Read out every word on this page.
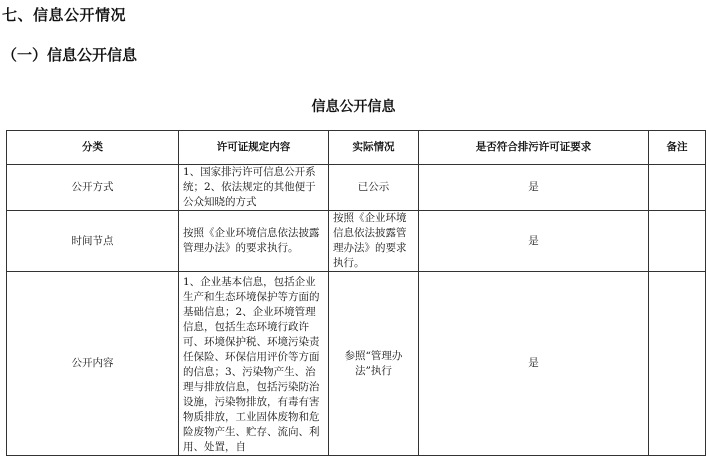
七、信息公开情况
（一）信息公开信息
信息公开信息
分类	许可证规定内容	实际情况	是否符合排污许可证要求	备注
公开方式	1、国家排污许可信息公开系统；2、依法规定的其他便于公众知晓的方式	已公示	是	
时间节点	按照《企业环境信息依法披露管理办法》的要求执行。	按照《企业环境信息依法披露管理办法》的要求执行。	是	
公开内容	1、企业基本信息，包括企业生产和生态环境保护等方面的基础信息；2、企业环境管理信息，包括生态环境行政许可、环境保护税、环境污染责任保险、环保信用评价等方面的信息；3、污染物产生、治理与排放信息，包括污染防治设施，污染物排放，有毒有害物质排放，工业固体废物和危险废物产生、贮存、流向、利用、处置，自	参照“管理办法”执行	是	
